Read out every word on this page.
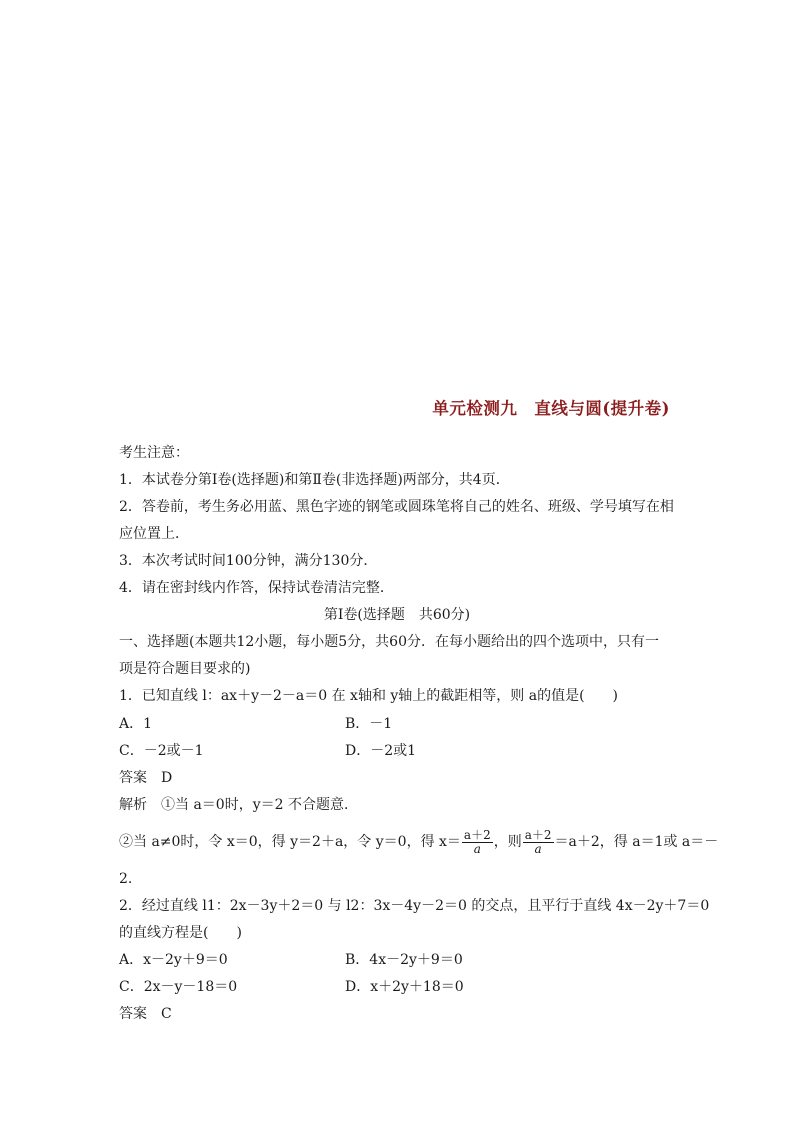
单元检测九　直线与圆(提升卷)
考生注意：
1．本试卷分第Ⅰ卷(选择题)和第Ⅱ卷(非选择题)两部分，共4页．
2．答卷前，考生务必用蓝、黑色字迹的钢笔或圆珠笔将自己的姓名、班级、学号填写在相
应位置上．
3．本次考试时间100分钟，满分130分．
4．请在密封线内作答，保持试卷清洁完整．
第Ⅰ卷(选择题　共60分)
一、选择题(本题共12小题，每小题5分，共60分．在每小题给出的四个选项中，只有一
项是符合题目要求的)
1．已知直线 l：ax＋y－2－a＝0 在 x轴和 y轴上的截距相等，则 a的值是(　　)
A．1	B．－1
C．－2或－1	D．－2或1
答案　D
解析　①当 a＝0时，y＝2 不合题意．
②当 a≠0时，令 x＝0，得 y＝2＋a，令 y＝0，得 $x= \frac{a+2}{a}$ ，则 $\frac{a+2}{a} =a+2$，得 a＝1或 a＝－
2.
2．经过直线 l1：2x－3y＋2＝0 与 l2：3x－4y－2＝0 的交点，且平行于直线 4x－2y＋7＝0
的直线方程是(　　)
A．x－2y＋9＝0	B．4x－2y＋9＝0
C．2x－y－18＝0	D．x＋2y＋18＝0
答案　C
